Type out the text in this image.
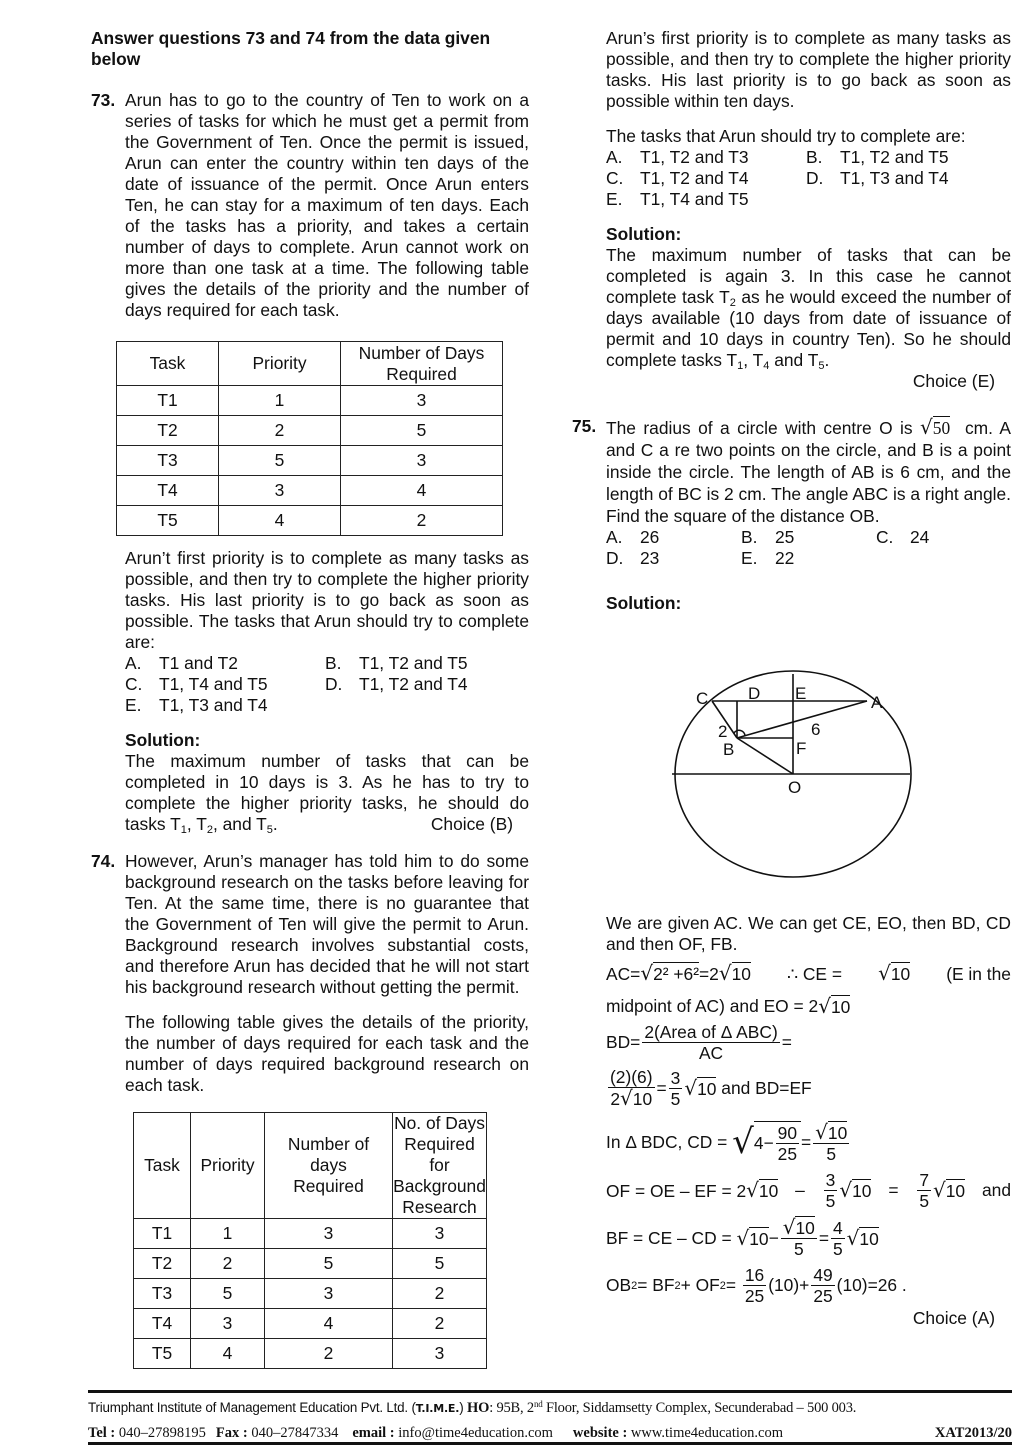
Answer questions 73 and 74 from the data given below
73. Arun has to go to the country of Ten to work on a series of tasks for which he must get a permit from the Government of Ten. Once the permit is issued, Arun can enter the country within ten days of the date of issuance of the permit. Once Arun enters Ten, he can stay for a maximum of ten days. Each of the tasks has a priority, and takes a certain number of days to complete. Arun cannot work on more than one task at a time. The following table gives the details of the priority and the number of days required for each task.

Task	Priority	Number of Days Required
T1	1	3
T2	2	5
T3	5	3
T4	3	4
T5	4	2

Arun’t first priority is to complete as many tasks as possible, and then try to complete the higher priority tasks. His last priority is to go back as soon as possible. The tasks that Arun should try to complete are:

A. T1 and T2	B. T1, T2 and T5
C. T1, T4 and T5	D. T1, T2 and T4
E. T1, T3 and T4
Solution:

The maximum number of tasks that can be completed in 10 days is 3. As he has to try to complete the higher priority tasks, he should do tasks $T_1$, $T_2$, and $T_5$.	Choice (B)

74. However, Arun’s manager has told him to do some background research on the tasks before leaving for Ten. At the same time, there is no guarantee that the Government of Ten will give the permit to Arun. Background research involves substantial costs, and therefore Arun has decided that he will not start his background research without getting the permit.

The following table gives the details of the priority, the number of days required for each task and the number of days required background research on each task.

Task	Priority	Number of days Required	No. of Days Required for Background Research
T1	1	3	3
T2	2	5	5
T3	5	3	2
T4	3	4	2
T5	4	2	3

Arun’s first priority is to complete as many tasks as possible, and then try to complete the higher priority tasks. His last priority is to go back as soon as possible within ten days.

The tasks that Arun should try to complete are:

A. T1, T2 and T3	B. T1, T2 and T5
C. T1, T2 and T4	D. T1, T3 and T4
E. T1, T4 and T5
Solution:

The maximum number of tasks that can be completed is again 3. In this case he cannot complete task $T_2$ as he would exceed the number of days available (10 days from date of issuance of permit and 10 days in country Ten). So he should complete tasks $T_1$, $T_4$ and $T_5$.

Choice (E)
75. The radius of a circle with centre O is √50 cm. A and C a re two points on the circle, and B is a point inside the circle. The length of AB is 6 cm, and the length of BC is 2 cm. The angle ABC is a right angle. Find the square of the distance OB.

A. 26	B. 25	C. 24
D. 23	E. 22
Solution:
C D E	A
2	6
B	F
O

We are given AC. We can get CE, EO, then BD, CD and then OF, FB.

AC=√2² +6²=2√10 ∴ CE = √10 (E in the
midpoint of AC) and EO = 2 √ 10
$BD= \frac{\text{2(Area of Δ ABC)}}{AC}$ =
$\frac{(2)(6)}{2√10} = \frac{3}{5}$ √ 10
and BD=EF
In Δ BDC, CD =
√ $4- \frac{90}{25} = \frac{√10}{5}$
OF = OE – EF = $2√10 - \frac{3}{5}$ √ $10 = \frac{7}{5}$ √ 10 and
BF = CE – CD =
√ $10 - \frac{√10}{5} = \frac{4}{5}$ √ 10
OB 2 = BF 2 + OF 2 =
$\frac{16}{25} (10)+ \frac{49}{25} (10) =26$ .
Choice (A)
Triumphant Institute of Management Education Pvt. Ltd. (T.I.M.E.) HO: 95B, 2nd Floor, Siddamsetty Complex, Secunderabad – 500 003.
Tel : 040–27898195 Fax : 040–27847334 email : info@time4education.com website : www.time4education.com	XAT2013/20
